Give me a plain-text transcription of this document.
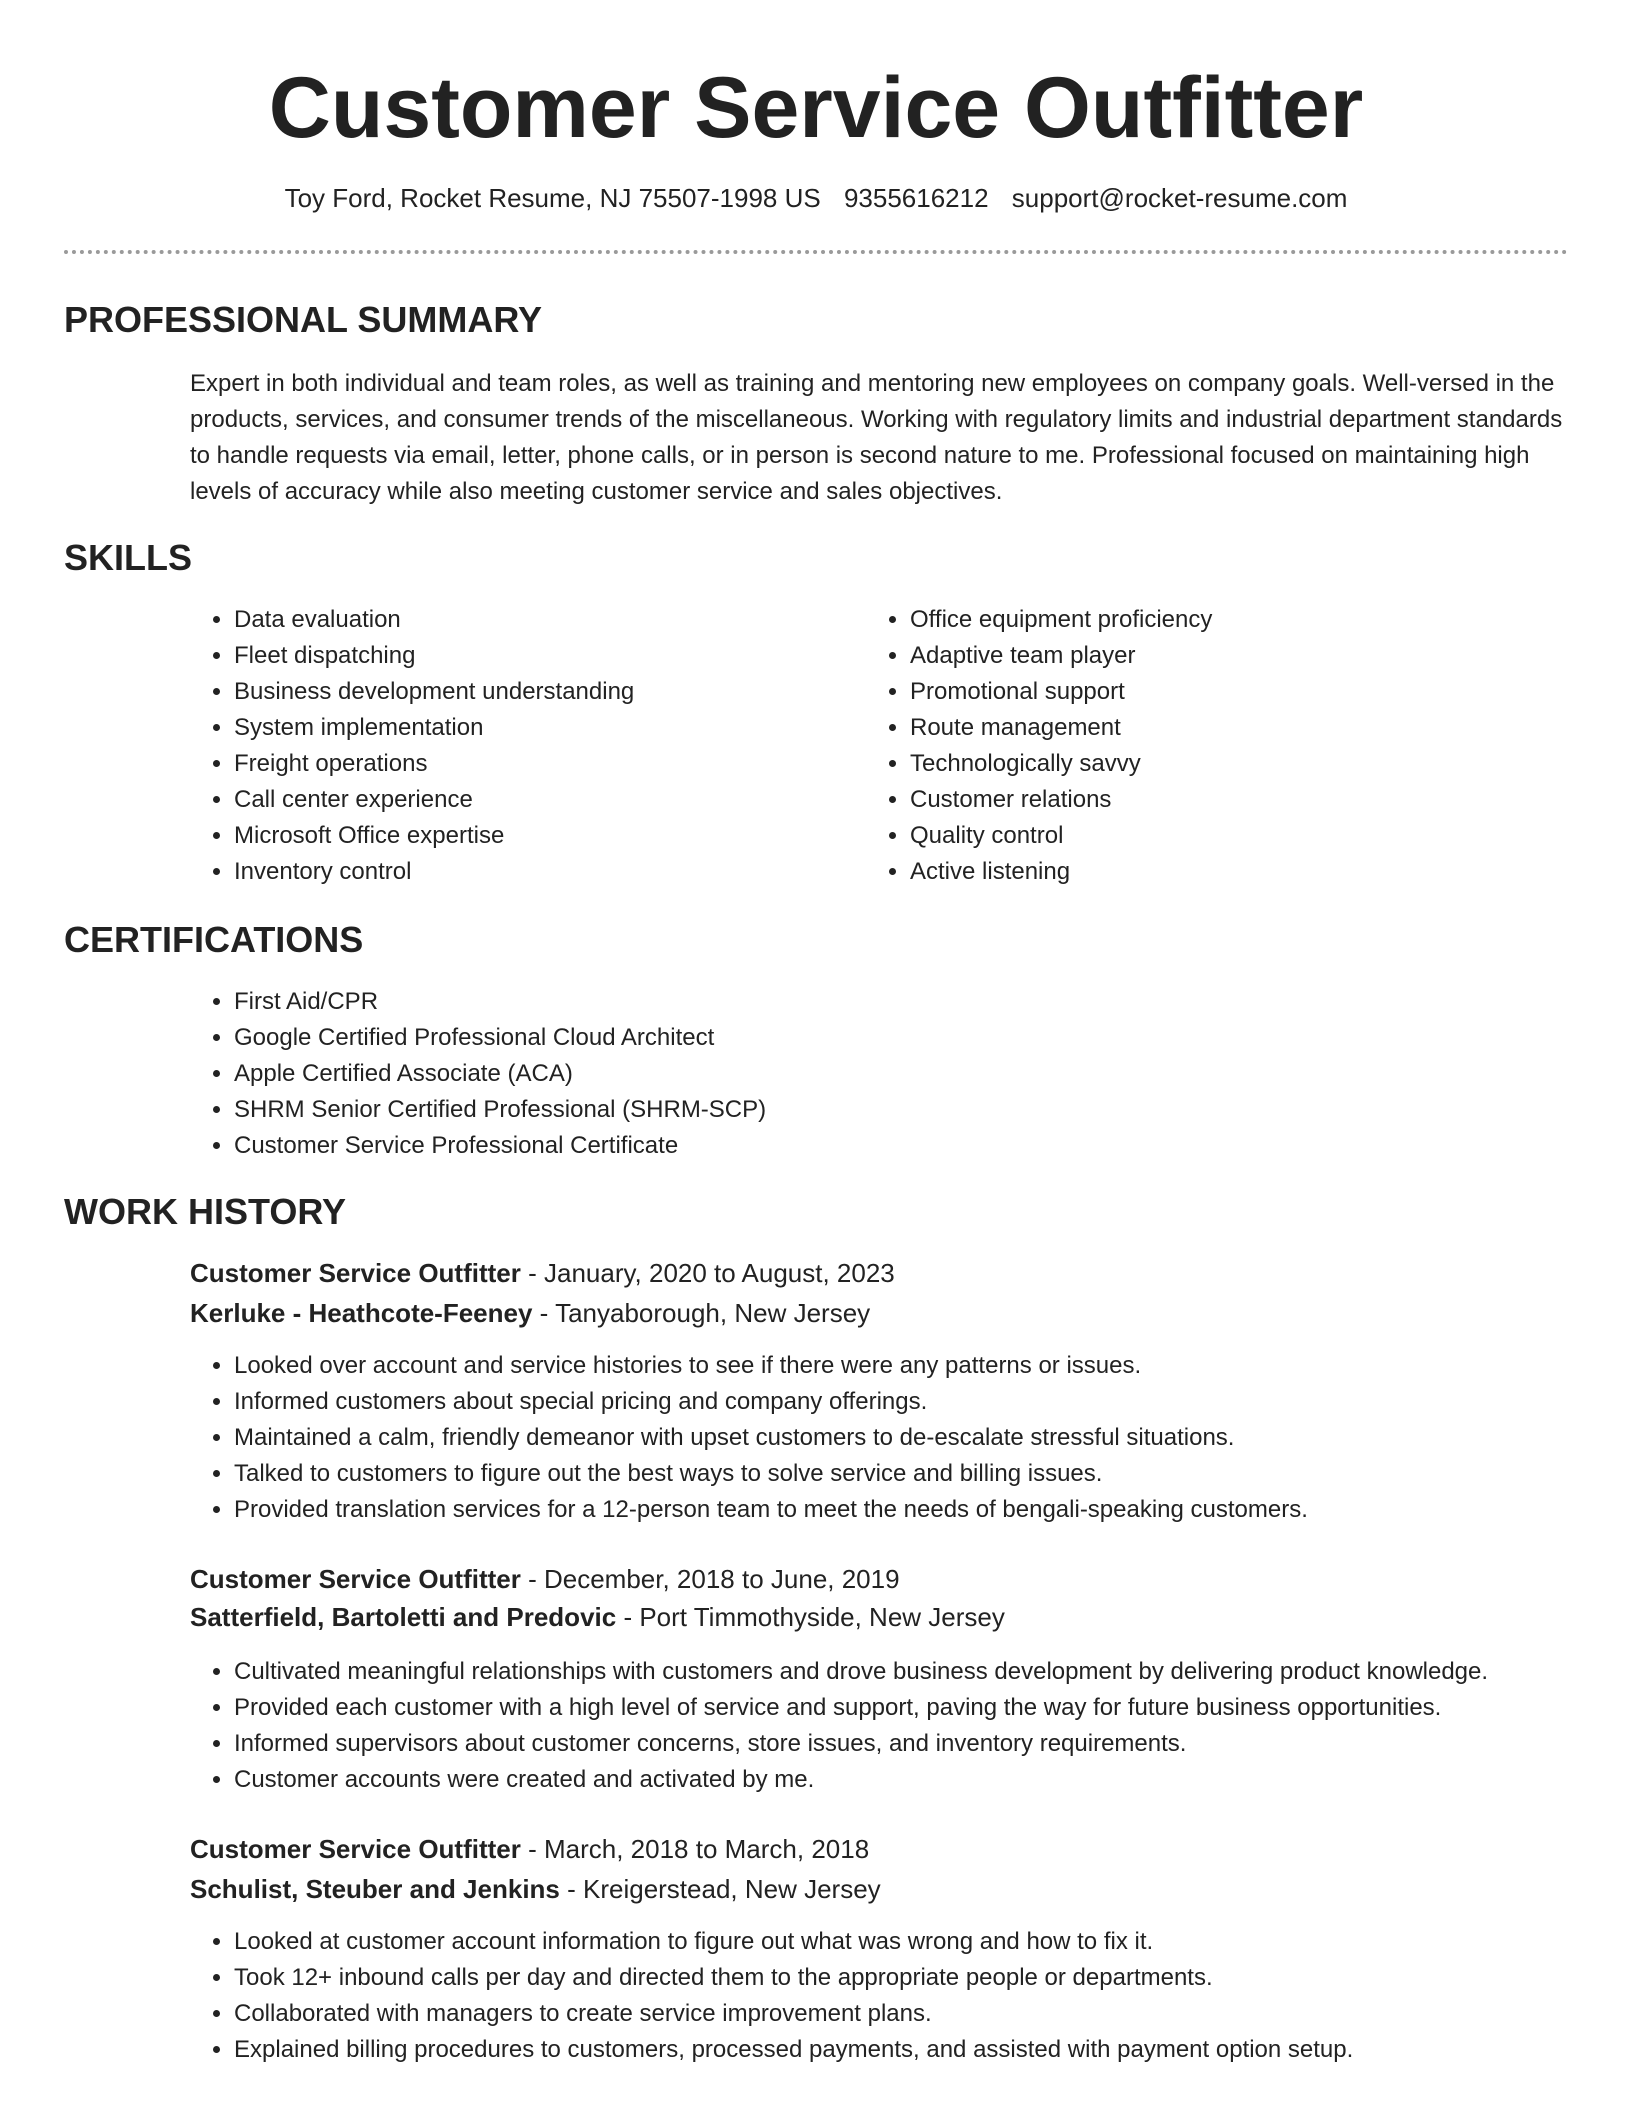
Customer Service Outfitter
Toy Ford, Rocket Resume, NJ 75507-1998 US 9355616212 support@rocket-resume.com
PROFESSIONAL SUMMARY

Expert in both individual and team roles, as well as training and mentoring new employees on company goals. Well-versed in the products, services, and consumer trends of the miscellaneous. Working with regulatory limits and industrial department standards to handle requests via email, letter, phone calls, or in person is second nature to me. Professional focused on maintaining high levels of accuracy while also meeting customer service and sales objectives.

SKILLS
• Data evaluation
• Fleet dispatching
• Business development understanding
• System implementation
• Freight operations
• Call center experience
• Microsoft Office expertise
• Inventory control
• Office equipment proficiency
• Adaptive team player
• Promotional support
• Route management
• Technologically savvy
• Customer relations
• Quality control
• Active listening
CERTIFICATIONS
• First Aid/CPR
• Google Certified Professional Cloud Architect
• Apple Certified Associate (ACA)
• SHRM Senior Certified Professional (SHRM-SCP)
• Customer Service Professional Certificate
WORK HISTORY
Customer Service Outfitter - January, 2020 to August, 2023
Kerluke - Heathcote-Feeney - Tanyaborough, New Jersey
• Looked over account and service histories to see if there were any patterns or issues.
• Informed customers about special pricing and company offerings.
• Maintained a calm, friendly demeanor with upset customers to de-escalate stressful situations.
• Talked to customers to figure out the best ways to solve service and billing issues.
• Provided translation services for a 12-person team to meet the needs of bengali-speaking customers.
Customer Service Outfitter - December, 2018 to June, 2019
Satterfield, Bartoletti and Predovic - Port Timmothyside, New Jersey
• Cultivated meaningful relationships with customers and drove business development by delivering product knowledge.
• Provided each customer with a high level of service and support, paving the way for future business opportunities.
• Informed supervisors about customer concerns, store issues, and inventory requirements.
• Customer accounts were created and activated by me.
Customer Service Outfitter - March, 2018 to March, 2018
Schulist, Steuber and Jenkins - Kreigerstead, New Jersey
• Looked at customer account information to figure out what was wrong and how to fix it.
• Took 12+ inbound calls per day and directed them to the appropriate people or departments.
• Collaborated with managers to create service improvement plans.
• Explained billing procedures to customers, processed payments, and assisted with payment option setup.
